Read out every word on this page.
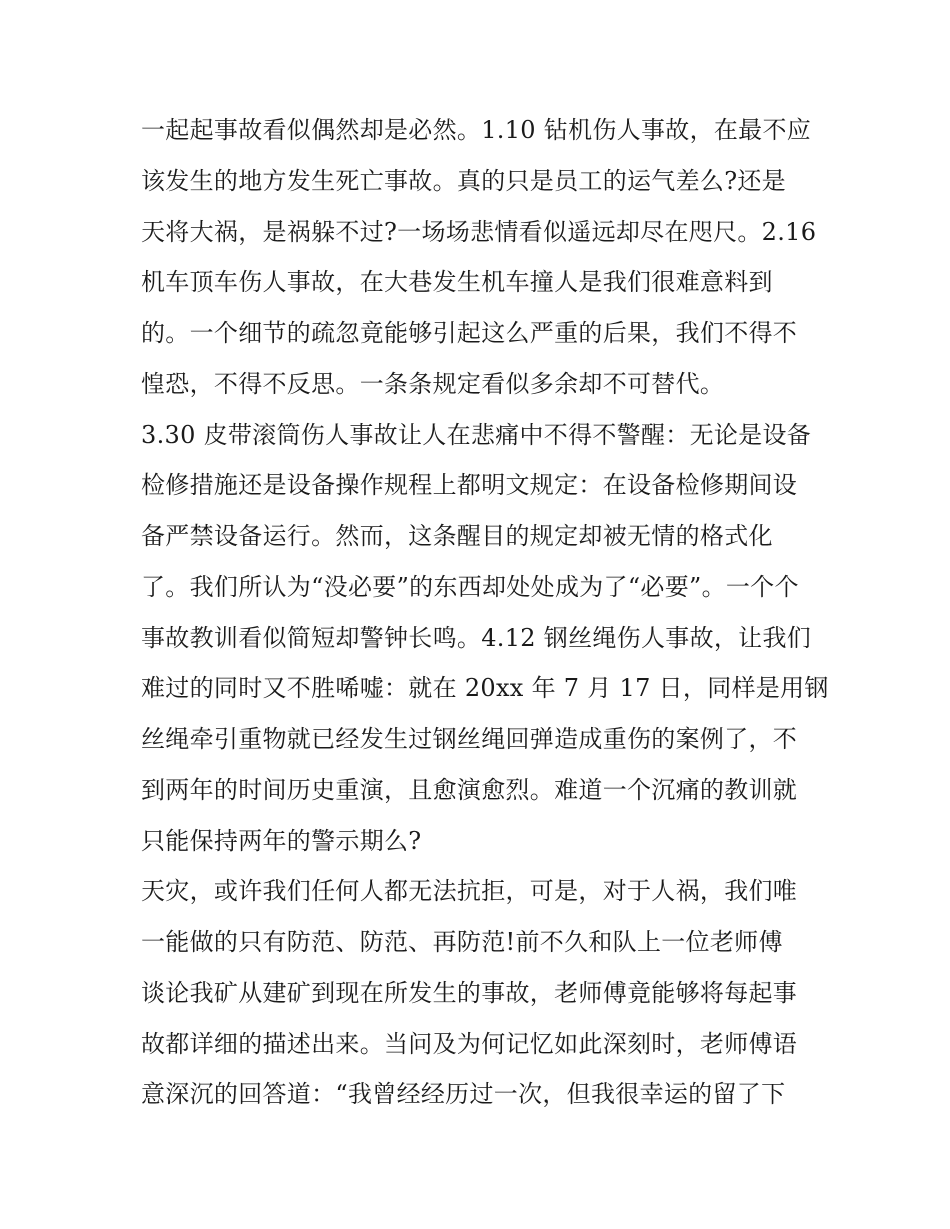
一起起事故看似偶然却是必然。1.10 钻机伤人事故，在最不应
该发生的地方发生死亡事故。真的只是员工的运气差么?还是
天将大祸，是祸躲不过?一场场悲情看似遥远却尽在咫尺。2.16
机车顶车伤人事故，在大巷发生机车撞人是我们很难意料到
的。一个细节的疏忽竟能够引起这么严重的后果，我们不得不
惶恐，不得不反思。一条条规定看似多余却不可替代。
3.30 皮带滚筒伤人事故让人在悲痛中不得不警醒：无论是设备
检修措施还是设备操作规程上都明文规定：在设备检修期间设
备严禁设备运行。然而，这条醒目的规定却被无情的格式化
了。我们所认为“没必要”的东西却处处成为了“必要”。一个个
事故教训看似简短却警钟长鸣。4.12 钢丝绳伤人事故，让我们
难过的同时又不胜唏嘘：就在 20xx 年 7 月 17 日，同样是用钢
丝绳牵引重物就已经发生过钢丝绳回弹造成重伤的案例了，不
到两年的时间历史重演，且愈演愈烈。难道一个沉痛的教训就
只能保持两年的警示期么?
天灾，或许我们任何人都无法抗拒，可是，对于人祸，我们唯
一能做的只有防范、防范、再防范!前不久和队上一位老师傅
谈论我矿从建矿到现在所发生的事故，老师傅竟能够将每起事
故都详细的描述出来。当问及为何记忆如此深刻时，老师傅语
意深沉的回答道：“我曾经经历过一次，但我很幸运的留了下
